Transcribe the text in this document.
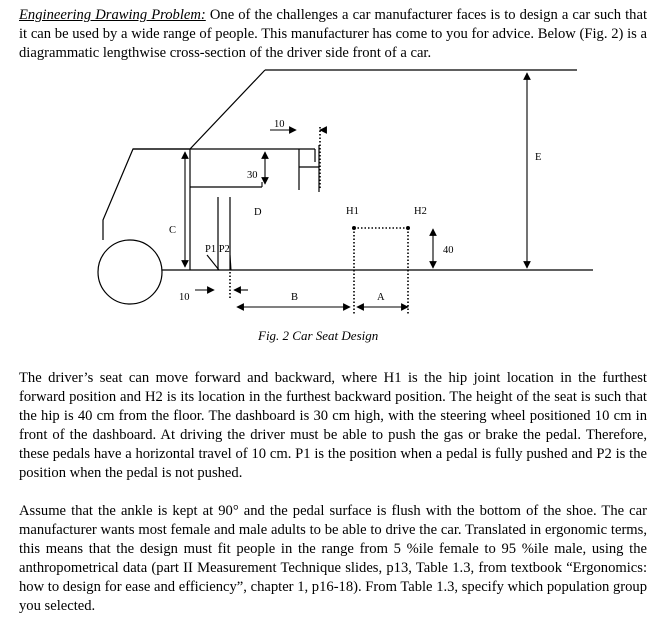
Engineering Drawing Problem: One of the challenges a car manufacturer faces is to design a car such that it can be used by a wide range of people. This manufacturer has come to you for advice. Below (Fig. 2) is a diagrammatic lengthwise cross-section of the driver side front of a car.

10
30
D	H1	H2
E
C
P1 P2	40
10	B	A
Fig. 2 Car Seat Design

The driver’s seat can move forward and backward, where H1 is the hip joint location in the furthest forward position and H2 is its location in the furthest backward position. The height of the seat is such that the hip is 40 cm from the floor. The dashboard is 30 cm high, with the steering wheel positioned 10 cm in front of the dashboard. At driving the driver must be able to push the gas or brake the pedal. Therefore, these pedals have a horizontal travel of 10 cm. P1 is the position when a pedal is fully pushed and P2 is the position when the pedal is not pushed.

Assume that the ankle is kept at 90° and the pedal surface is flush with the bottom of the shoe. The car manufacturer wants most female and male adults to be able to drive the car. Translated in ergonomic terms, this means that the design must fit people in the range from 5 %ile female to 95 %ile male, using the anthropometrical data (part II Measurement Technique slides, p13, Table 1.3, from textbook “Ergonomics: how to design for ease and efficiency”, chapter 1, p16-18). From Table 1.3, specify which population group you selected.
